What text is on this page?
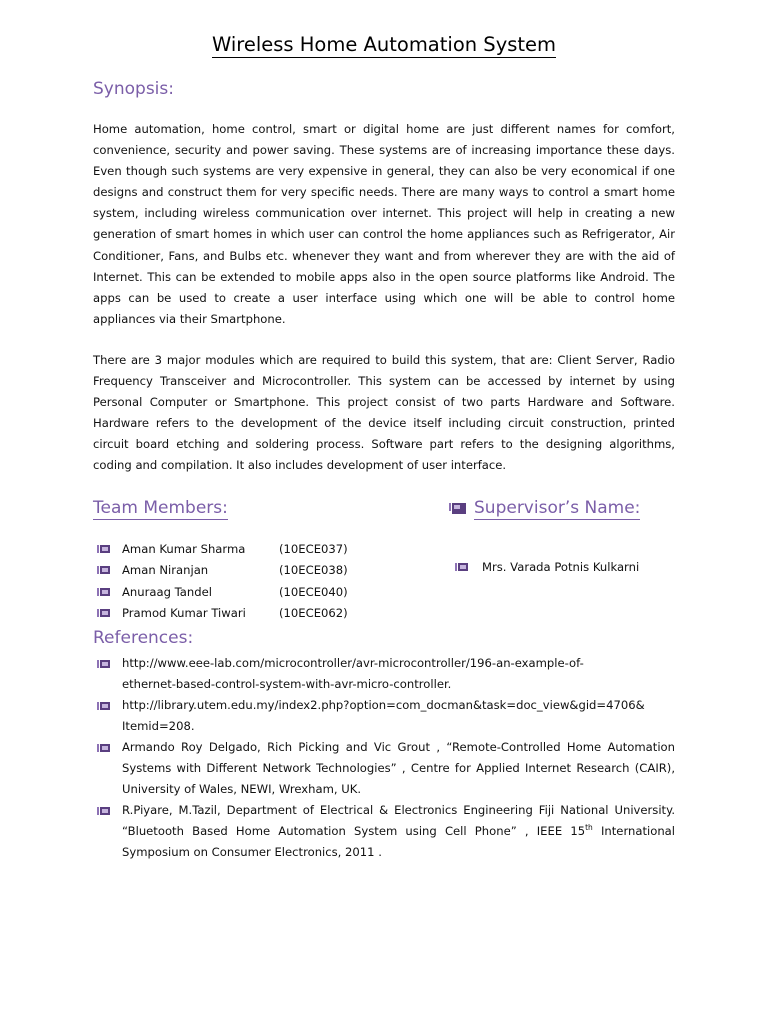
Wireless Home Automation System
Synopsis:
Home automation, home control, smart or digital home are just different names for comfort, convenience, security and power saving. These systems are of increasing importance these days. Even though such systems are very expensive in general, they can also be very economical if one designs and construct them for very specific needs. There are many ways to control a smart home system, including wireless communication over internet. This project will help in creating a new generation of smart homes in which user can control the home appliances such as Refrigerator, Air Conditioner, Fans, and Bulbs etc. whenever they want and from wherever they are with the aid of Internet. This can be extended to mobile apps also in the open source platforms like Android. The apps can be used to create a user interface using which one will be able to control home appliances via their Smartphone.
There are 3 major modules which are required to build this system, that are: Client Server, Radio Frequency Transceiver and Microcontroller. This system can be accessed by internet by using Personal Computer or Smartphone. This project consist of two parts Hardware and Software. Hardware refers to the development of the device itself including circuit construction, printed circuit board etching and soldering process. Software part refers to the designing algorithms, coding and compilation. It also includes development of user interface.
Team Members:
Aman Kumar Sharma	(10ECE037)
Aman Niranjan	(10ECE038)
Anuraag Tandel	(10ECE040)
Pramod Kumar Tiwari	(10ECE062)
Supervisor’s Name:
Mrs. Varada Potnis Kulkarni
References:
http://www.eee-lab.com/microcontroller/avr-microcontroller/196-an-example-of-
ethernet-based-control-system-with-avr-micro-controller.
http://library.utem.edu.my/index2.php?option=com_docman&task=doc_view&gid=4706&
Itemid=208.
Armando Roy Delgado, Rich Picking and Vic Grout , “Remote-Controlled Home Automation Systems with Different Network Technologies” , Centre for Applied Internet Research (CAIR), University of Wales, NEWI, Wrexham, UK.
R.Piyare, M.Tazil, Department of Electrical & Electronics Engineering Fiji National University. “Bluetooth Based Home Automation System using Cell Phone” , IEEE 15th International Symposium on Consumer Electronics, 2011 .
